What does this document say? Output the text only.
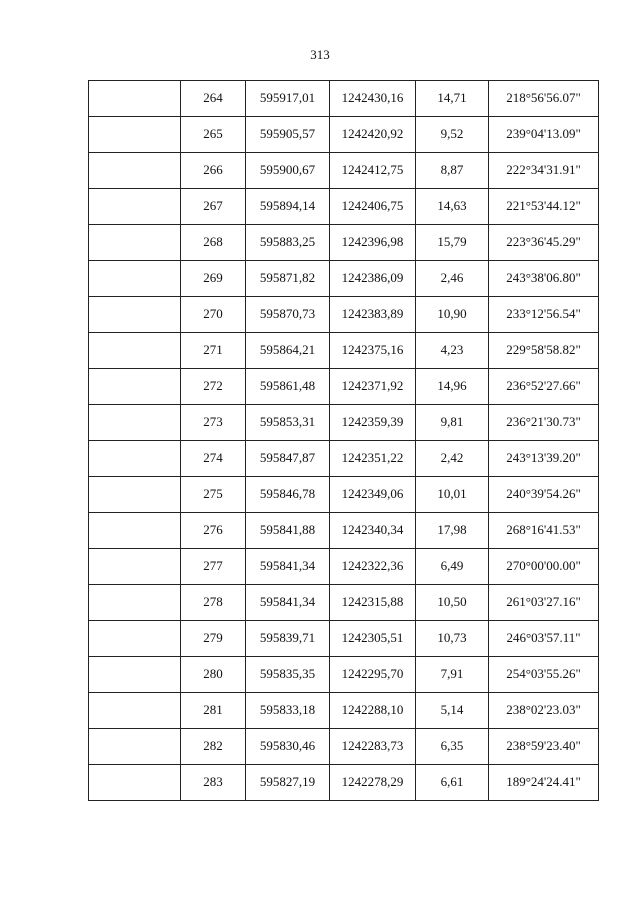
313
	264	595917,01	1242430,16	14,71	218°56'56.07"
	265	595905,57	1242420,92	9,52	239°04'13.09"
	266	595900,67	1242412,75	8,87	222°34'31.91"
	267	595894,14	1242406,75	14,63	221°53'44.12"
	268	595883,25	1242396,98	15,79	223°36'45.29"
	269	595871,82	1242386,09	2,46	243°38'06.80"
	270	595870,73	1242383,89	10,90	233°12'56.54"
	271	595864,21	1242375,16	4,23	229°58'58.82"
	272	595861,48	1242371,92	14,96	236°52'27.66"
	273	595853,31	1242359,39	9,81	236°21'30.73"
	274	595847,87	1242351,22	2,42	243°13'39.20"
	275	595846,78	1242349,06	10,01	240°39'54.26"
	276	595841,88	1242340,34	17,98	268°16'41.53"
	277	595841,34	1242322,36	6,49	270°00'00.00"
	278	595841,34	1242315,88	10,50	261°03'27.16"
	279	595839,71	1242305,51	10,73	246°03'57.11"
	280	595835,35	1242295,70	7,91	254°03'55.26"
	281	595833,18	1242288,10	5,14	238°02'23.03"
	282	595830,46	1242283,73	6,35	238°59'23.40"
	283	595827,19	1242278,29	6,61	189°24'24.41"
